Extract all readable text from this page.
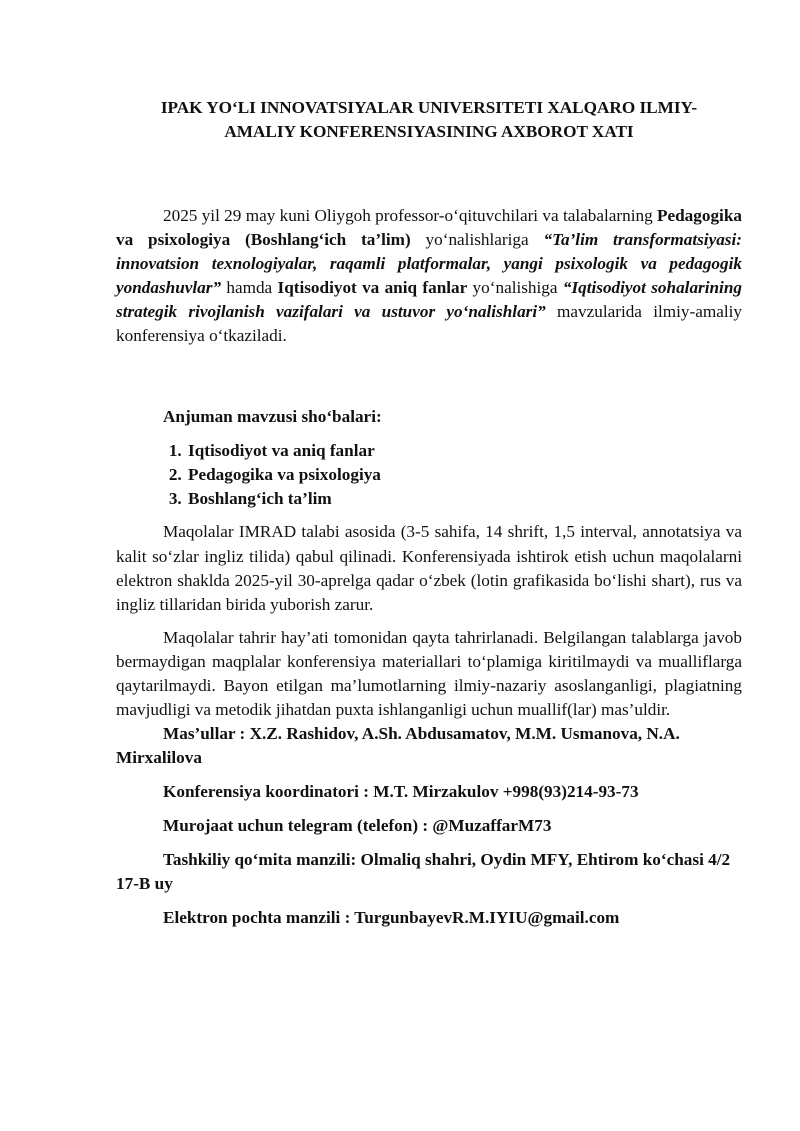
IPAK YO‘LI INNOVATSIYALAR UNIVERSITETI XALQARO ILMIY-
AMALIY KONFERENSIYASINING AXBOROT XATI

2025 yil 29 may kuni Oliygoh professor-o‘qituvchilari va talabalarning Pedagogika va psixologiya (Boshlang‘ich ta’lim) yo‘nalishlariga “Ta’lim transformatsiyasi: innovatsion texnologiyalar, raqamli platformalar, yangi psixologik va pedagogik yondashuvlar” hamda Iqtisodiyot va aniq fanlar yo‘nalishiga “Iqtisodiyot sohalarining strategik rivojlanish vazifalari va ustuvor yo‘nalishlari” mavzularida ilmiy-amaliy konferensiya o‘tkaziladi.

Anjuman mavzusi sho‘balari:
1. Iqtisodiyot va aniq fanlar
2. Pedagogika va psixologiya
3. Boshlang‘ich ta’lim

Maqolalar IMRAD talabi asosida (3-5 sahifa, 14 shrift, 1,5 interval, annotatsiya va kalit so‘zlar ingliz tilida) qabul qilinadi. Konferensiyada ishtirok etish uchun maqolalarni elektron shaklda 2025-yil 30-aprelga qadar o‘zbek (lotin grafikasida bo‘lishi shart), rus va ingliz tillaridan birida yuborish zarur.

Maqolalar tahrir hay’ati tomonidan qayta tahrirlanadi. Belgilangan talablarga javob bermaydigan maqplalar konferensiya materiallari to‘plamiga kiritilmaydi va mualliflarga qaytarilmaydi. Bayon etilgan ma’lumotlarning ilmiy-nazariy asoslanganligi, plagiatning mavjudligi va metodik jihatdan puxta ishlanganligi uchun muallif(lar) mas’uldir.

Mas’ullar : X.Z. Rashidov, A.Sh. Abdusamatov, M.M. Usmanova, N.A. Mirxalilova

Konferensiya koordinatori : M.T. Mirzakulov +998(93)214-93-73

Murojaat uchun telegram (telefon) : @MuzaffarM73

Tashkiliy qo‘mita manzili: Olmaliq shahri, Oydin MFY, Ehtirom ko‘chasi 4/2 17-B uy

Elektron pochta manzili : TurgunbayevR.M.IYIU@gmail.com
